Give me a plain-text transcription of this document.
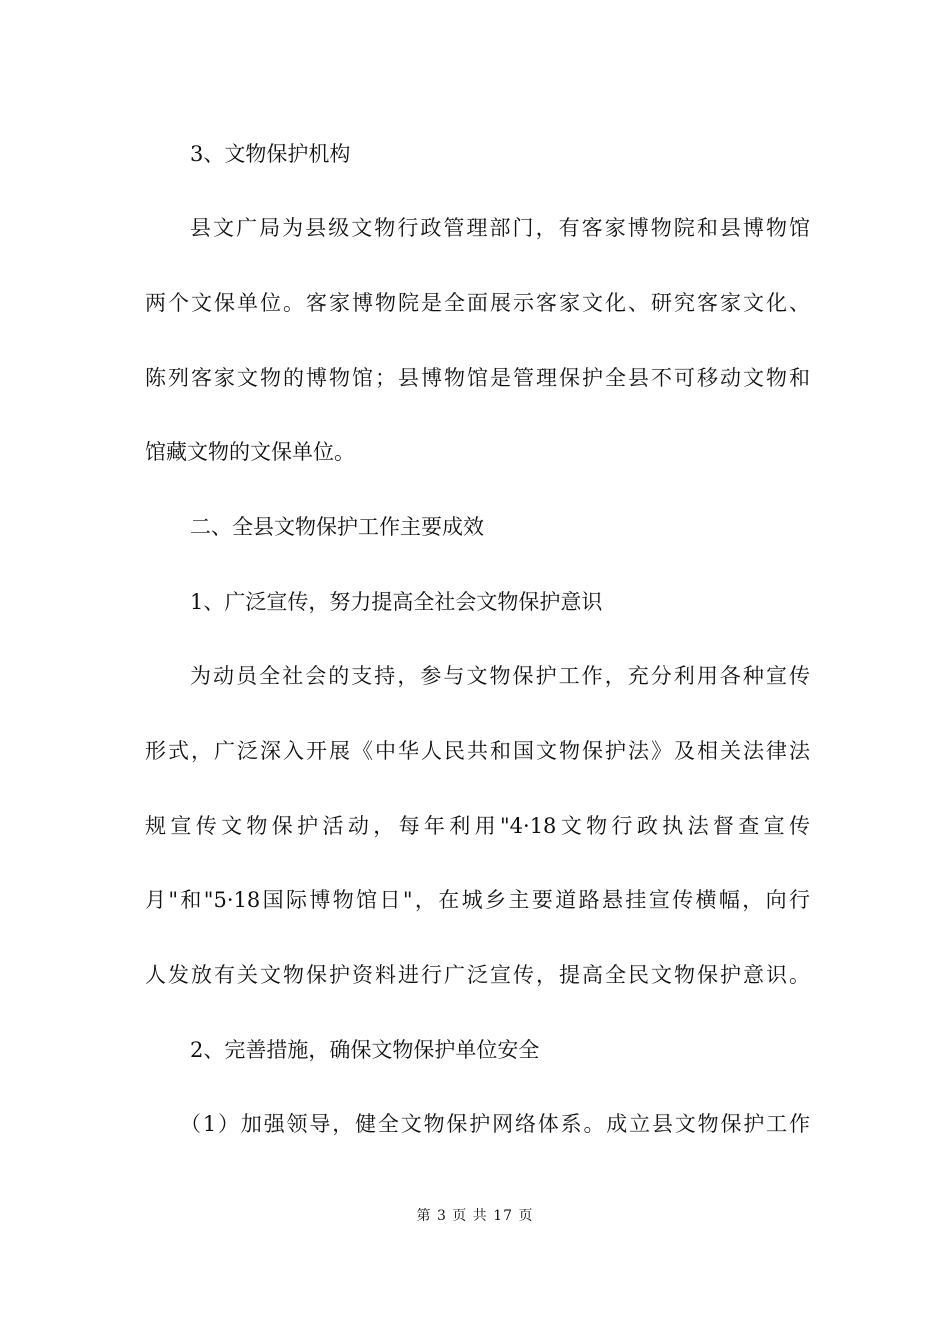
3、文物保护机构
县文广局为县级文物行政管理部门，有客家博物院和县博物馆
两个文保单位。客家博物院是全面展示客家文化、研究客家文化、
陈列客家文物的博物馆；县博物馆是管理保护全县不可移动文物和
馆藏文物的文保单位。
二、全县文物保护工作主要成效
1、广泛宣传，努力提高全社会文物保护意识
为动员全社会的支持，参与文物保护工作，充分利用各种宣传
形式，广泛深入开展《中华人民共和国文物保护法》及相关法律法
规宣传文物保护活动，每年利用"4·18文物行政执法督查宣传
月"和"5·18国际博物馆日"，在城乡主要道路悬挂宣传横幅，向行
人发放有关文物保护资料进行广泛宣传，提高全民文物保护意识。
2、完善措施，确保文物保护单位安全
（1）加强领导，健全文物保护网络体系。成立县文物保护工作
第 3 页 共 17 页
